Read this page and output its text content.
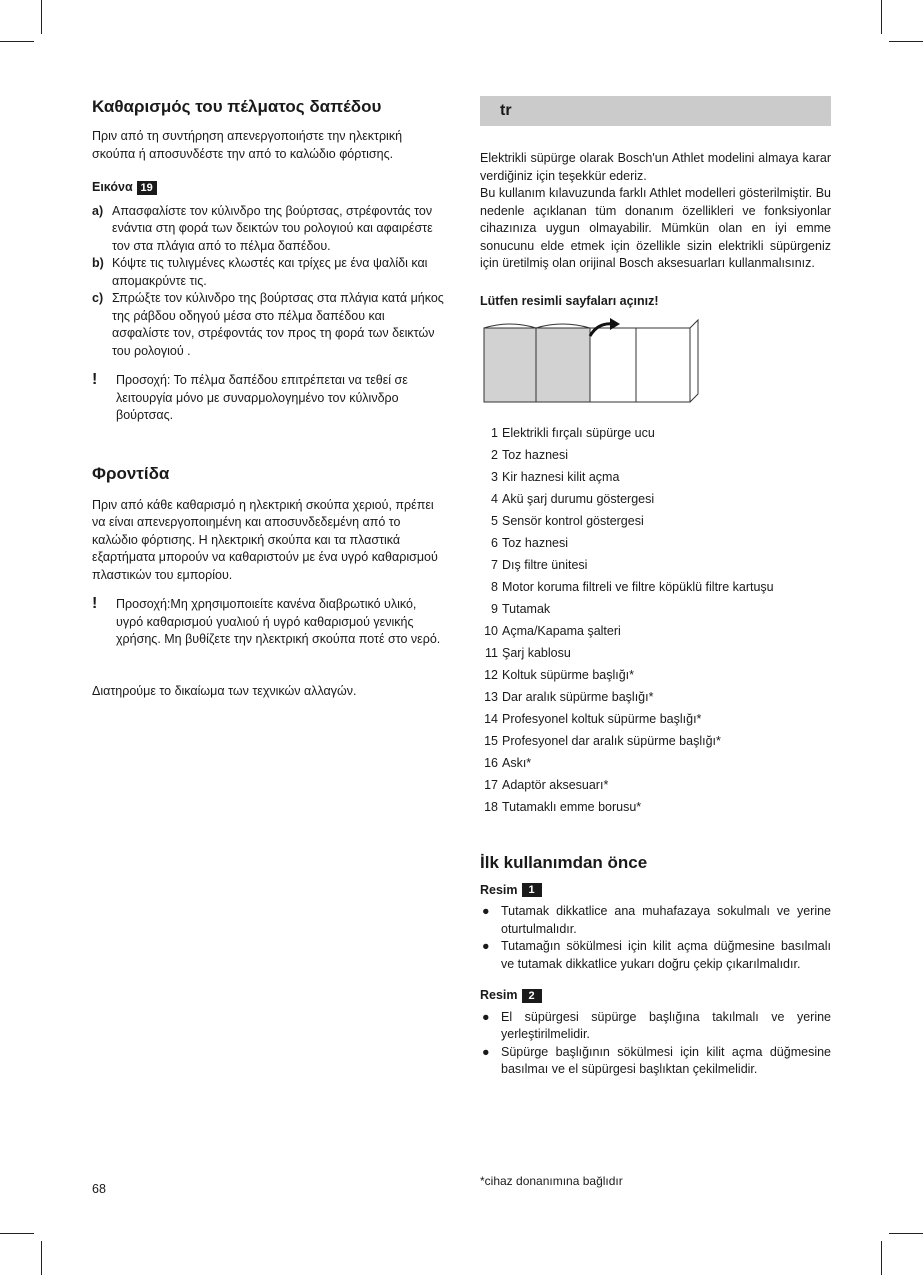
Καθαρισμός του πέλματος δαπέδου

Πριν από τη συντήρηση απενεργοποιήστε την ηλεκτρική σκούπα ή αποσυνδέστε την από το καλώδιο φόρτισης.

Εικόνα 19
a) Απασφαλίστε τον κύλινδρο της βούρτσας, στρέφοντάς τον ενάντια στη φορά των δεικτών του ρολογιού και αφαιρέστε τον στα πλάγια από το πέλμα δαπέδου.
b) Κόψτε τις τυλιγμένες κλωστές και τρίχες με ένα ψαλίδι και απομακρύντε τις.
c) Σπρώξτε τον κύλινδρο της βούρτσας στα πλάγια κατά μήκος της ράβδου οδηγού μέσα στο πέλμα δαπέδου και ασφαλίστε τον, στρέφοντάς τον προς τη φορά των δεικτών του ρολογιού .
!	Προσοχή: Το πέλμα δαπέδου επιτρέπεται να τεθεί σε λειτουργία μόνο με συναρμολογημένο τον κύλινδρο βούρτσας.
Φροντίδα

Πριν από κάθε καθαρισμό η ηλεκτρική σκούπα χεριού, πρέπει να είναι απενεργοποιημένη και αποσυνδεδεμένη από το καλώδιο φόρτισης. Η ηλεκτρική σκούπα και τα πλαστικά εξαρτήματα μπορούν να καθαριστούν με ένα υγρό καθαρισμού πλαστικών του εμπορίου.

!	Προσοχή:Μη χρησιμοποιείτε κανένα διαβρωτικό υλικό, υγρό καθαρισμού γυαλιού ή υγρό καθαρισμού γενικής χρήσης. Μη βυθίζετε την ηλεκτρική σκούπα ποτέ στο νερό.

Διατηρούμε το δικαίωμα των τεχνικών αλλαγών.

tr

Elektrikli süpürge olarak Bosch'un Athlet modelini almaya karar verdiğiniz için teşekkür ederiz.

Bu kullanım kılavuzunda farklı Athlet modelleri gösterilmiştir. Bu nedenle açıklanan tüm donanım özellikleri ve fonksiyonlar cihazınıza uygun olmayabilir. Mümkün olan en iyi emme sonucunu elde etmek için özellikle sizin elektrikli süpürgeniz için üretilmiş olan orijinal Bosch aksesuarları kullanmalısınız.

Lütfen resimli sayfaları açınız!

1 Elektrikli fırçalı süpürge ucu
2 Toz haznesi
3 Kir haznesi kilit açma
4 Akü şarj durumu göstergesi
5 Sensör kontrol göstergesi
6 Toz haznesi
7 Dış filtre ünitesi
8 Motor koruma filtreli ve filtre köpüklü filtre kartuşu
9 Tutamak
10 Açma/Kapama şalteri
11 Şarj kablosu
12 Koltuk süpürme başlığı*
13 Dar aralık süpürme başlığı*
14 Profesyonel koltuk süpürme başlığı*
15 Profesyonel dar aralık süpürme başlığı*
16 Askı*
17 Adaptör aksesuarı*
18 Tutamaklı emme borusu*
İlk kullanımdan önce
Resim 1
● Tutamak dikkatlice ana muhafazaya sokulmalı ve yerine oturtulmalıdır.
● Tutamağın sökülmesi için kilit açma düğmesine basılmalı ve tutamak dikkatlice yukarı doğru çekip çıkarılmalıdır.
Resim 2
● El süpürgesi süpürge başlığına takılmalı ve yerine yerleştirilmelidir.
● Süpürge başlığının sökülmesi için kilit açma düğmesine basılmaı ve el süpürgesi başlıktan çekilmelidir.
68
*cihaz donanımına bağlıdır
